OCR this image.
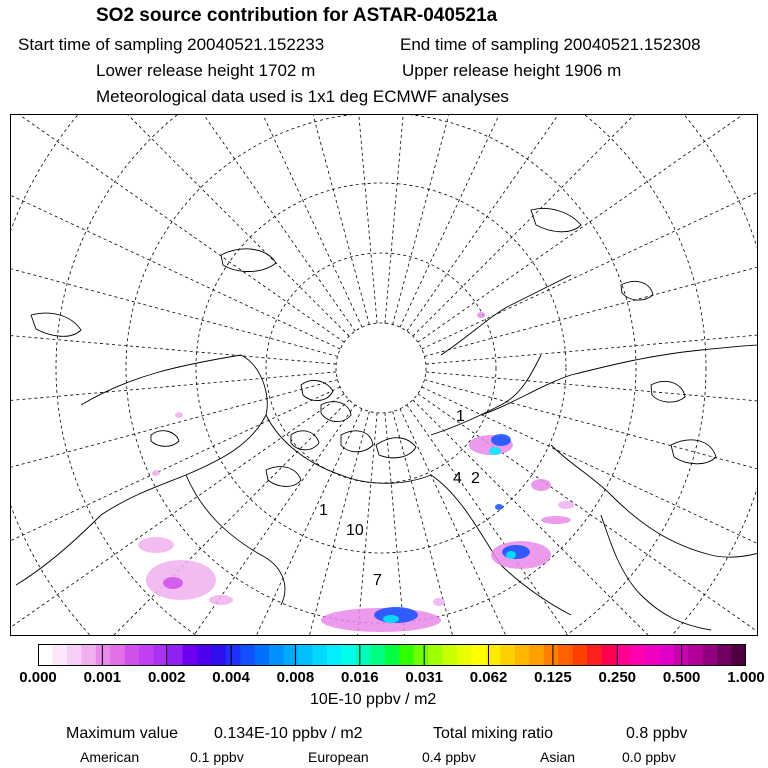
SO2 source contribution for ASTAR-040521a
Start time of sampling 20040521.152233	End time of sampling 20040521.152308
Lower release height 1702 m	Upper release height 1906 m
Meteorological data used is 1x1 deg ECMWF analyses
1
2
4
7
10
1
0.000 0.001 0.002 0.004 0.008 0.016 0.031 0.062 0.125 0.250 0.500 1.000
10E-10 ppbv / m2
Maximum value 0.134E-10 ppbv / m2	Total mixing ratio	0.8 ppbv
American	0.1 ppbv	European	0.4 ppbv	Asian	0.0 ppbv
